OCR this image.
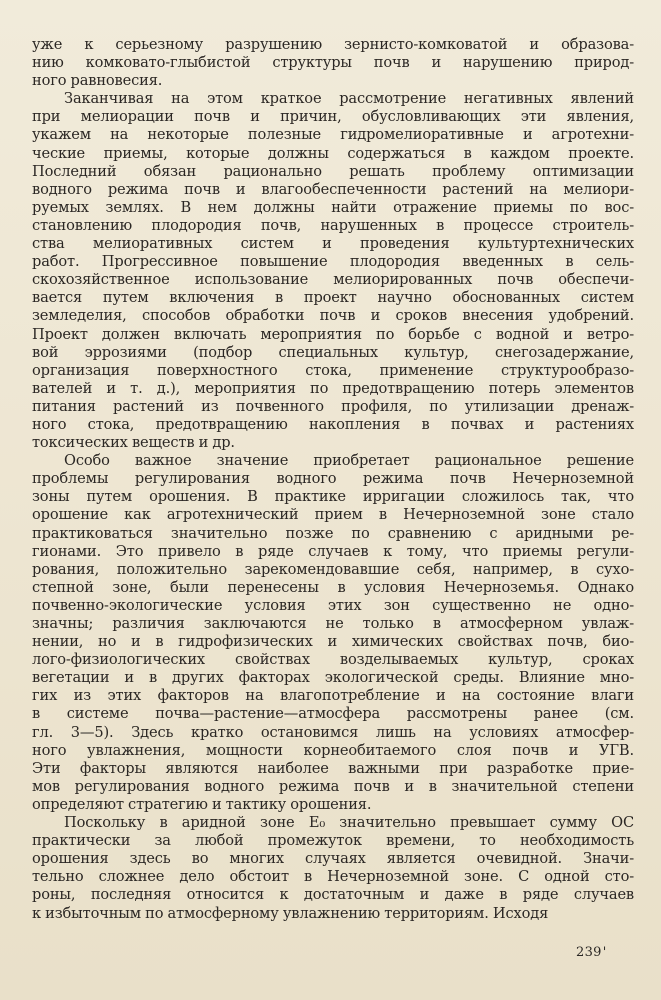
уже к серьезному разрушению зернисто-комковатой и образова-
нию комковато-глыбистой структуры почв и нарушению природ-
ного равновесия.

Заканчивая на этом краткое рассмотрение негативных явлений
при мелиорации почв и причин, обусловливающих эти явления,
укажем на некоторые полезные гидромелиоративные и агротехни-
ческие приемы, которые должны содержаться в каждом проекте.
Последний обязан рационально решать проблему оптимизации
водного режима почв и влагообеспеченности растений на мелиори-
руемых землях. В нем должны найти отражение приемы по вос-
становлению плодородия почв, нарушенных в процессе строитель-
ства мелиоративных систем и проведения культуртехнических
работ. Прогрессивное повышение плодородия введенных в сель-
скохозяйственное использование мелиорированных почв обеспечи-
вается путем включения в проект научно обоснованных систем
земледелия, способов обработки почв и сроков внесения удобрений.
Проект должен включать мероприятия по борьбе с водной и ветро-
вой эррозиями (подбор специальных культур, снегозадержание,
организация поверхностного стока, применение структурообразо-
вателей и т. д.), мероприятия по предотвращению потерь элементов
питания растений из почвенного профиля, по утилизации дренаж-
ного стока, предотвращению накопления в почвах и растениях
токсических веществ и др.

Особо важное значение приобретает рациональное решение
проблемы регулирования водного режима почв Нечерноземной
зоны путем орошения. В практике ирригации сложилось так, что
орошение как агротехнический прием в Нечерноземной зоне стало
практиковаться значительно позже по сравнению с аридными ре-
гионами. Это привело в ряде случаев к тому, что приемы регули-
рования, положительно зарекомендовавшие себя, например, в сухо-
степной зоне, были перенесены в условия Нечерноземья. Однако
почвенно-экологические условия этих зон существенно не одно-
значны; различия заключаются не только в атмосферном увлаж-
нении, но и в гидрофизических и химических свойствах почв, био-
лого-физиологических свойствах возделываемых культур, сроках
вегетации и в других факторах экологической среды. Влияние мно-
гих из этих факторов на влагопотребление и на состояние влаги
в системе почва—растение—атмосфера рассмотрены ранее (см.
гл. 3—5). Здесь кратко остановимся лишь на условиях атмосфер-
ного увлажнения, мощности корнеобитаемого слоя почв и УГВ.
Эти факторы являются наиболее важными при разработке прие-
мов регулирования водного режима почв и в значительной степени
определяют стратегию и тактику орошения.

Поскольку в аридной зоне E₀ значительно превышает сумму ОС
практически за любой промежуток времени, то необходимость
орошения здесь во многих случаях является очевидной. Значи-
тельно сложнее дело обстоит в Нечерноземной зоне. С одной сто-
роны, последняя относится к достаточным и даже в ряде случаев
к избыточным по атмосферному увлажнению территориям. Исходя

239'
